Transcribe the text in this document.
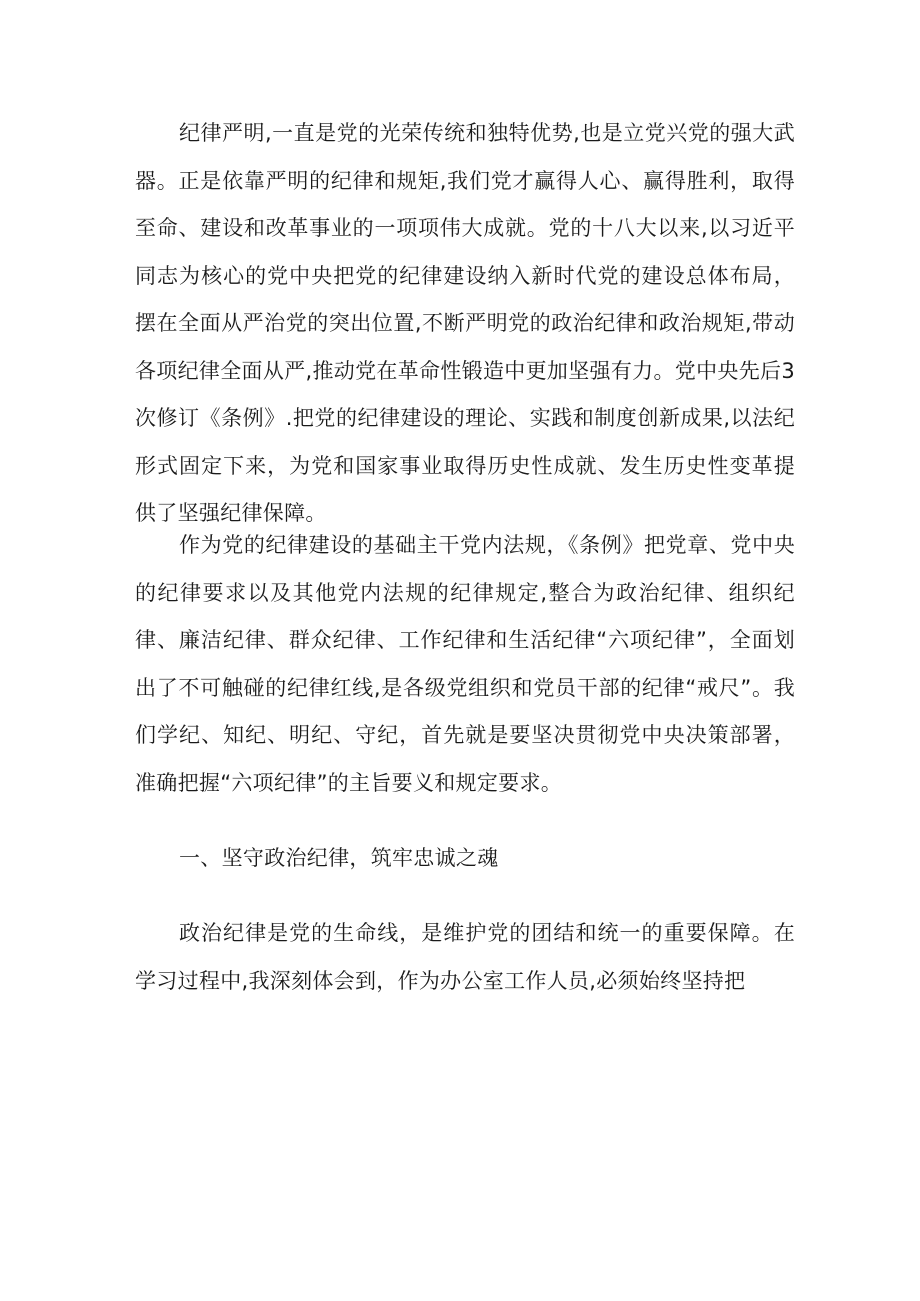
纪律严明,一直是党的光荣传统和独特优势,也是立党兴党的强大武器。正是依靠严明的纪律和规矩,我们党才赢得人心、赢得胜利，取得至命、建设和改革事业的一项项伟大成就。党的十八大以来,以习近平同志为核心的党中央把党的纪律建设纳入新时代党的建设总体布局，摆在全面从严治党的突出位置,不断严明党的政治纪律和政治规矩,带动各项纪律全面从严,推动党在革命性锻造中更加坚强有力。党中央先后3次修订《条例》.把党的纪律建设的理论、实践和制度创新成果,以法纪形式固定下来，为党和国家事业取得历史性成就、发生历史性变革提供了坚强纪律保障。

作为党的纪律建设的基础主干党内法规，《条例》把党章、党中央的纪律要求以及其他党内法规的纪律规定,整合为政治纪律、组织纪律、廉洁纪律、群众纪律、工作纪律和生活纪律“六项纪律”，全面划出了不可触碰的纪律红线,是各级党组织和党员干部的纪律“戒尺”。我们学纪、知纪、明纪、守纪，首先就是要坚决贯彻党中央决策部署，准确把握“六项纪律”的主旨要义和规定要求。

一、坚守政治纪律，筑牢忠诚之魂

政治纪律是党的生命线，是维护党的团结和统一的重要保障。在学习过程中,我深刻体会到，作为办公室工作人员,必须始终坚持把
